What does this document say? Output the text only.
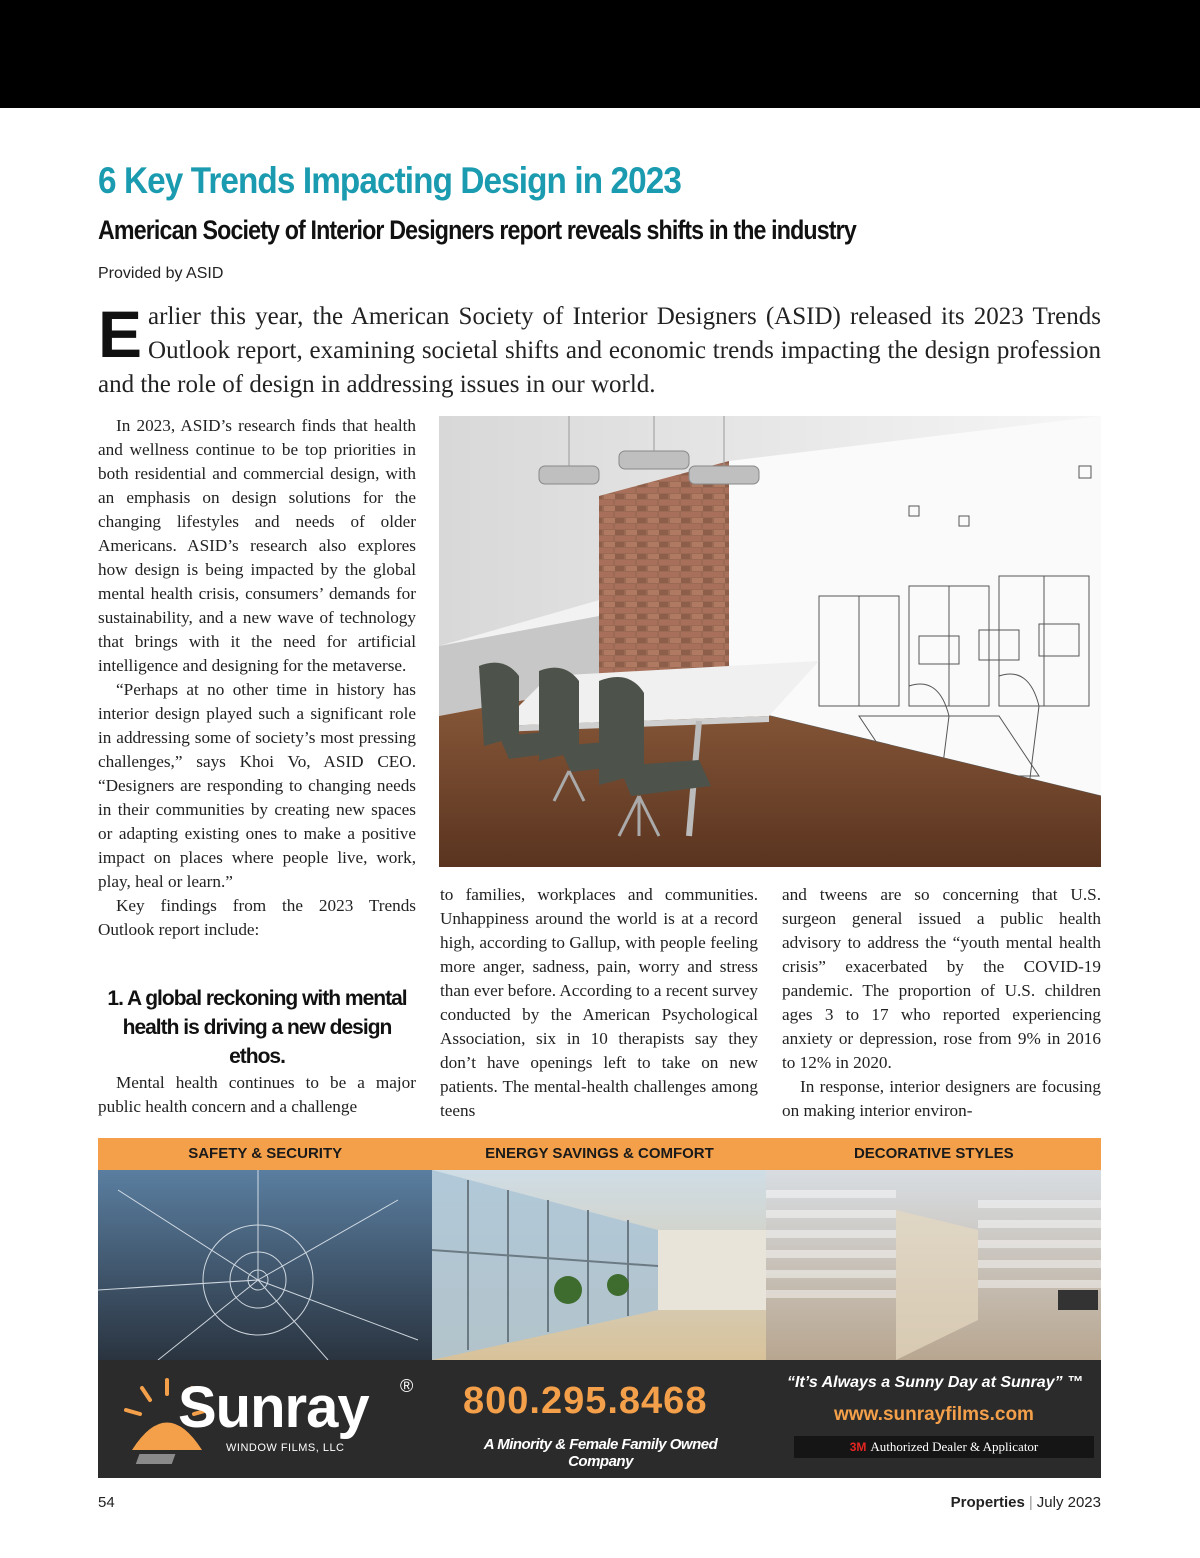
6 Key Trends Impacting Design in 2023
American Society of Interior Designers report reveals shifts in the industry
Provided by ASID

Earlier this year, the American Society of Interior Designers (ASID) released its 2023 Trends Outlook report, examining societal shifts and economic trends impacting the design profession and the role of design in addressing issues in our world.

In 2023, ASID’s research finds that health and wellness continue to be top priorities in both residential and commercial design, with an emphasis on design solutions for the changing lifestyles and needs of older Americans. ASID’s research also explores how design is being impacted by the global mental health crisis, consumers’ demands for sustainability, and a new wave of technology that brings with it the need for artificial intelligence and designing for the metaverse.

“Perhaps at no other time in history has interior design played such a significant role in addressing some of society’s most pressing challenges,” says Khoi Vo, ASID CEO. “Designers are responding to changing needs in their communities by creating new spaces or adapting existing ones to make a positive impact on places where people live, work, play, heal or learn.”

Key findings from the 2023 Trends Outlook report include:

1. A global reckoning with mental health is driving a new design ethos.

Mental health continues to be a major public health concern and a challenge

to families, workplaces and communities. Unhappiness around the world is at a record high, according to Gallup, with people feeling more anger, sadness, pain, worry and stress than ever before. According to a recent survey conducted by the American Psychological Association, six in 10 therapists say they don’t have openings left to take on new patients. The mental-health challenges among teens

and tweens are so concerning that U.S. surgeon general issued a public health advisory to address the “youth mental health crisis” exacerbated by the COVID-19 pandemic. The proportion of U.S. children ages 3 to 17 who reported experiencing anxiety or depression, rose from 9% in 2016 to 12% in 2020.

In response, interior designers are focusing on making interior environ-

SAFETY & SECURITY	ENERGY SAVINGS & COMFORT	DECORATIVE STYLES
Sunray ®
WINDOW FILMS, LLC
800.295.8468
A Minority & Female Family Owned Company
“It’s Always a Sunny Day at Sunray” ™
www.sunrayfilms.com
3M Authorized Dealer & Applicator
54	Properties | July 2023
